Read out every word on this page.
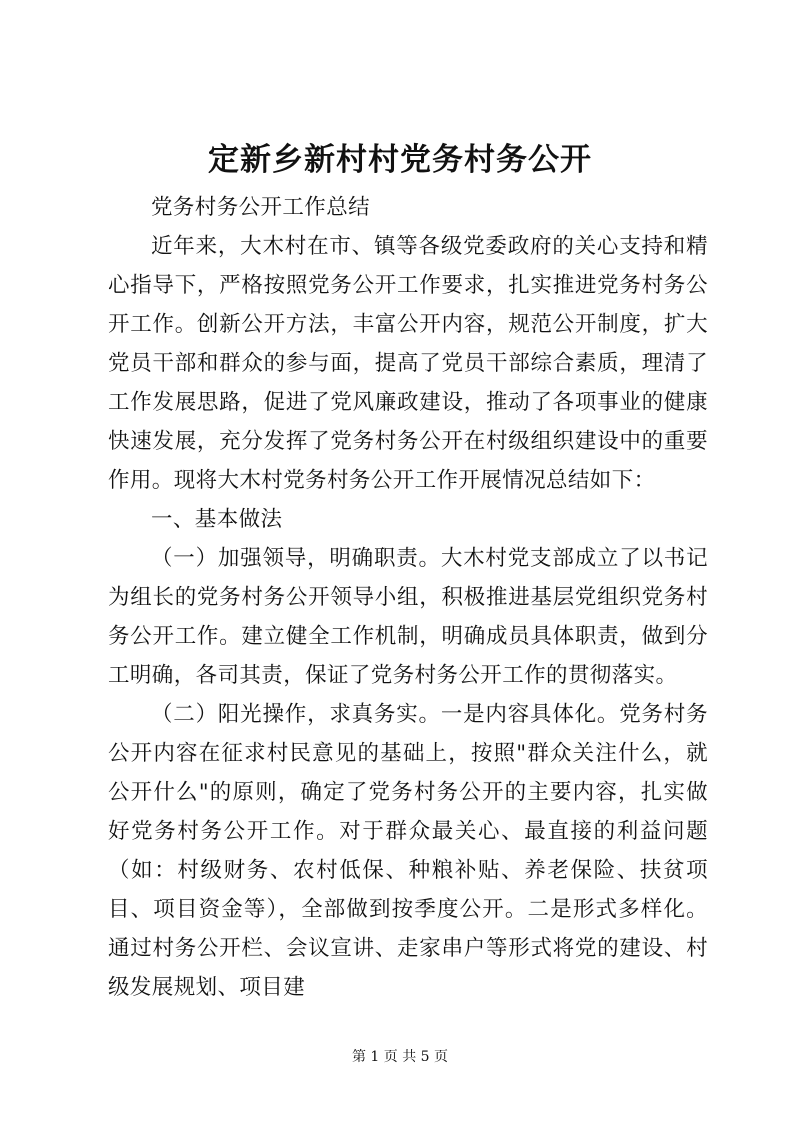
定新乡新村村党务村务公开

党务村务公开工作总结

近年来，大木村在市、镇等各级党委政府的关心支持和精心指导下，严格按照党务公开工作要求，扎实推进党务村务公开工作。创新公开方法，丰富公开内容，规范公开制度，扩大党员干部和群众的参与面，提高了党员干部综合素质，理清了工作发展思路，促进了党风廉政建设，推动了各项事业的健康快速发展，充分发挥了党务村务公开在村级组织建设中的重要作用。现将大木村党务村务公开工作开展情况总结如下：

一、基本做法

（一）加强领导，明确职责。大木村党支部成立了以书记为组长的党务村务公开领导小组，积极推进基层党组织党务村务公开工作。建立健全工作机制，明确成员具体职责，做到分工明确，各司其责，保证了党务村务公开工作的贯彻落实。

（二）阳光操作，求真务实。一是内容具体化。党务村务公开内容在征求村民意见的基础上，按照"群众关注什么，就公开什么"的原则，确定了党务村务公开的主要内容，扎实做好党务村务公开工作。对于群众最关心、最直接的利益问题（如：村级财务、农村低保、种粮补贴、养老保险、扶贫项目、项目资金等），全部做到按季度公开。二是形式多样化。通过村务公开栏、会议宣讲、走家串户等形式将党的建设、村级发展规划、项目建

第 1 页 共 5 页
